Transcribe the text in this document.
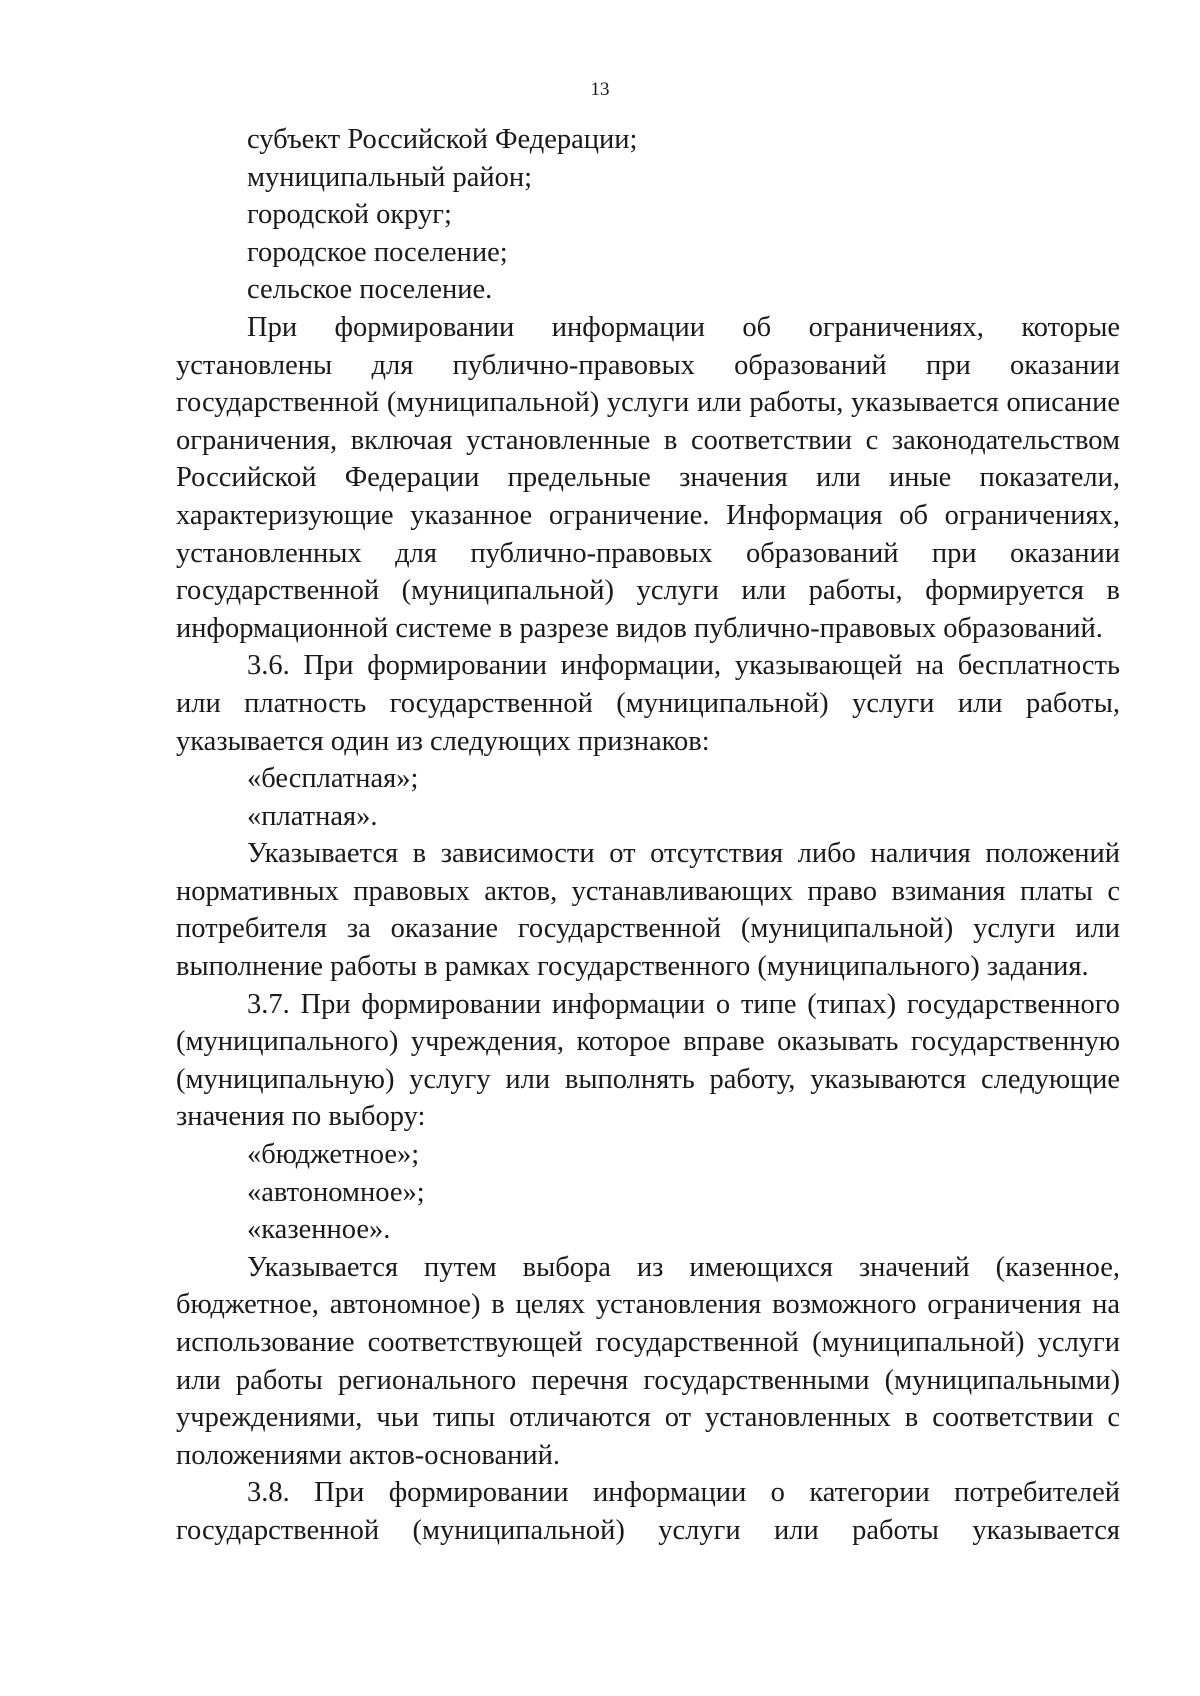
13

субъект Российской Федерации;

муниципальный район;

городской округ;

городское поселение;

сельское поселение.

При формировании информации об ограничениях, которые установлены для публично-правовых образований при оказании государственной (муниципальной) услуги или работы, указывается описание ограничения, включая установленные в соответствии с законодательством Российской Федерации предельные значения или иные показатели, характеризующие указанное ограничение. Информация об ограничениях, установленных для публично-правовых образований при оказании государственной (муниципальной) услуги или работы, формируется в информационной системе в разрезе видов публично-правовых образований.

3.6. При формировании информации, указывающей на бесплатность или платность государственной (муниципальной) услуги или работы, указывается один из следующих признаков:

«бесплатная»;

«платная».

Указывается в зависимости от отсутствия либо наличия положений нормативных правовых актов, устанавливающих право взимания платы с потребителя за оказание государственной (муниципальной) услуги или выполнение работы в рамках государственного (муниципального) задания.

3.7. При формировании информации о типе (типах) государственного (муниципального) учреждения, которое вправе оказывать государственную (муниципальную) услугу или выполнять работу, указываются следующие значения по выбору:

«бюджетное»;

«автономное»;

«казенное».

Указывается путем выбора из имеющихся значений (казенное, бюджетное, автономное) в целях установления возможного ограничения на использование соответствующей государственной (муниципальной) услуги или работы регионального перечня государственными (муниципальными) учреждениями, чьи типы отличаются от установленных в соответствии с положениями актов-оснований.

3.8. При формировании информации о категории потребителей государственной (муниципальной) услуги или работы указывается
